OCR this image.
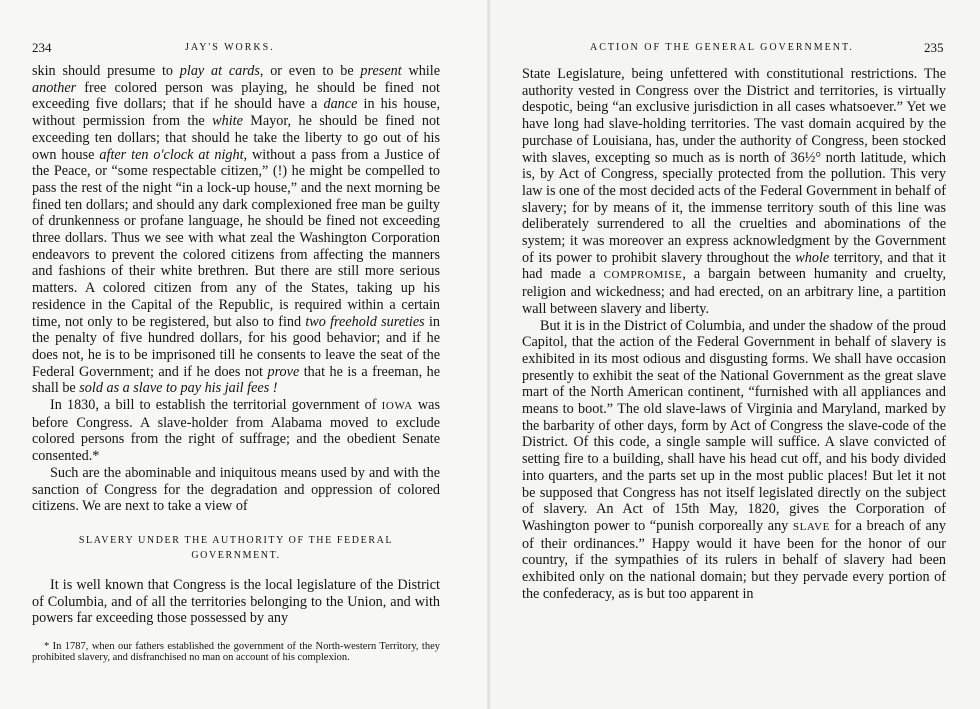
234	JAY'S WORKS.

skin should presume to play at cards, or even to be present while another free colored person was playing, he should be fined not exceeding five dollars; that if he should have a dance in his house, without permission from the white Mayor, he should be fined not exceeding ten dollars; that should he take the liberty to go out of his own house after ten o'clock at night, without a pass from a Justice of the Peace, or “some respectable citizen,” (!) he might be compelled to pass the rest of the night “in a lock-up house,” and the next morning be fined ten dollars; and should any dark complexioned free man be guilty of drunkenness or profane language, he should be fined not exceeding three dollars. Thus we see with what zeal the Washington Corporation endeavors to prevent the colored citizens from affecting the manners and fashions of their white brethren. But there are still more serious matters. A colored citizen from any of the States, taking up his residence in the Capital of the Republic, is required within a certain time, not only to be registered, but also to find two freehold sureties in the penalty of five hundred dollars, for his good behavior; and if he does not, he is to be imprisoned till he consents to leave the seat of the Federal Government; and if he does not prove that he is a freeman, he shall be sold as a slave to pay his jail fees !

In 1830, a bill to establish the territorial government of IOWA was before Congress. A slave-holder from Alabama moved to exclude colored persons from the right of suffrage; and the obedient Senate consented.*

Such are the abominable and iniquitous means used by and with the sanction of Congress for the degradation and oppression of colored citizens. We are next to take a view of

SLAVERY UNDER THE AUTHORITY OF THE FEDERAL
GOVERNMENT.

It is well known that Congress is the local legislature of the District of Columbia, and of all the territories belonging to the Union, and with powers far exceeding those possessed by any

* In 1787, when our fathers established the government of the North-western Territory, they prohibited slavery, and disfranchised no man on account of his complexion.
ACTION OF THE GENERAL GOVERNMENT.	235

State Legislature, being unfettered with constitutional restrictions. The authority vested in Congress over the District and territories, is virtually despotic, being “an exclusive jurisdiction in all cases whatsoever.” Yet we have long had slave-holding territories. The vast domain acquired by the purchase of Louisiana, has, under the authority of Congress, been stocked with slaves, excepting so much as is north of 36½° north latitude, which is, by Act of Congress, specially protected from the pollution. This very law is one of the most decided acts of the Federal Government in behalf of slavery; for by means of it, the immense territory south of this line was deliberately surrendered to all the cruelties and abominations of the system; it was moreover an express acknowledgment by the Government of its power to prohibit slavery throughout the whole territory, and that it had made a COMPROMISE, a bargain between humanity and cruelty, religion and wickedness; and had erected, on an arbitrary line, a partition wall between slavery and liberty.

But it is in the District of Columbia, and under the shadow of the proud Capitol, that the action of the Federal Government in behalf of slavery is exhibited in its most odious and disgusting forms. We shall have occasion presently to exhibit the seat of the National Government as the great slave mart of the North American continent, “furnished with all appliances and means to boot.” The old slave-laws of Virginia and Maryland, marked by the barbarity of other days, form by Act of Congress the slave-code of the District. Of this code, a single sample will suffice. A slave convicted of setting fire to a building, shall have his head cut off, and his body divided into quarters, and the parts set up in the most public places! But let it not be supposed that Congress has not itself legislated directly on the subject of slavery. An Act of 15th May, 1820, gives the Corporation of Washington power to “punish corporeally any SLAVE for a breach of any of their ordinances.” Happy would it have been for the honor of our country, if the sympathies of its rulers in behalf of slavery had been exhibited only on the national domain; but they pervade every portion of the confederacy, as is but too apparent in
